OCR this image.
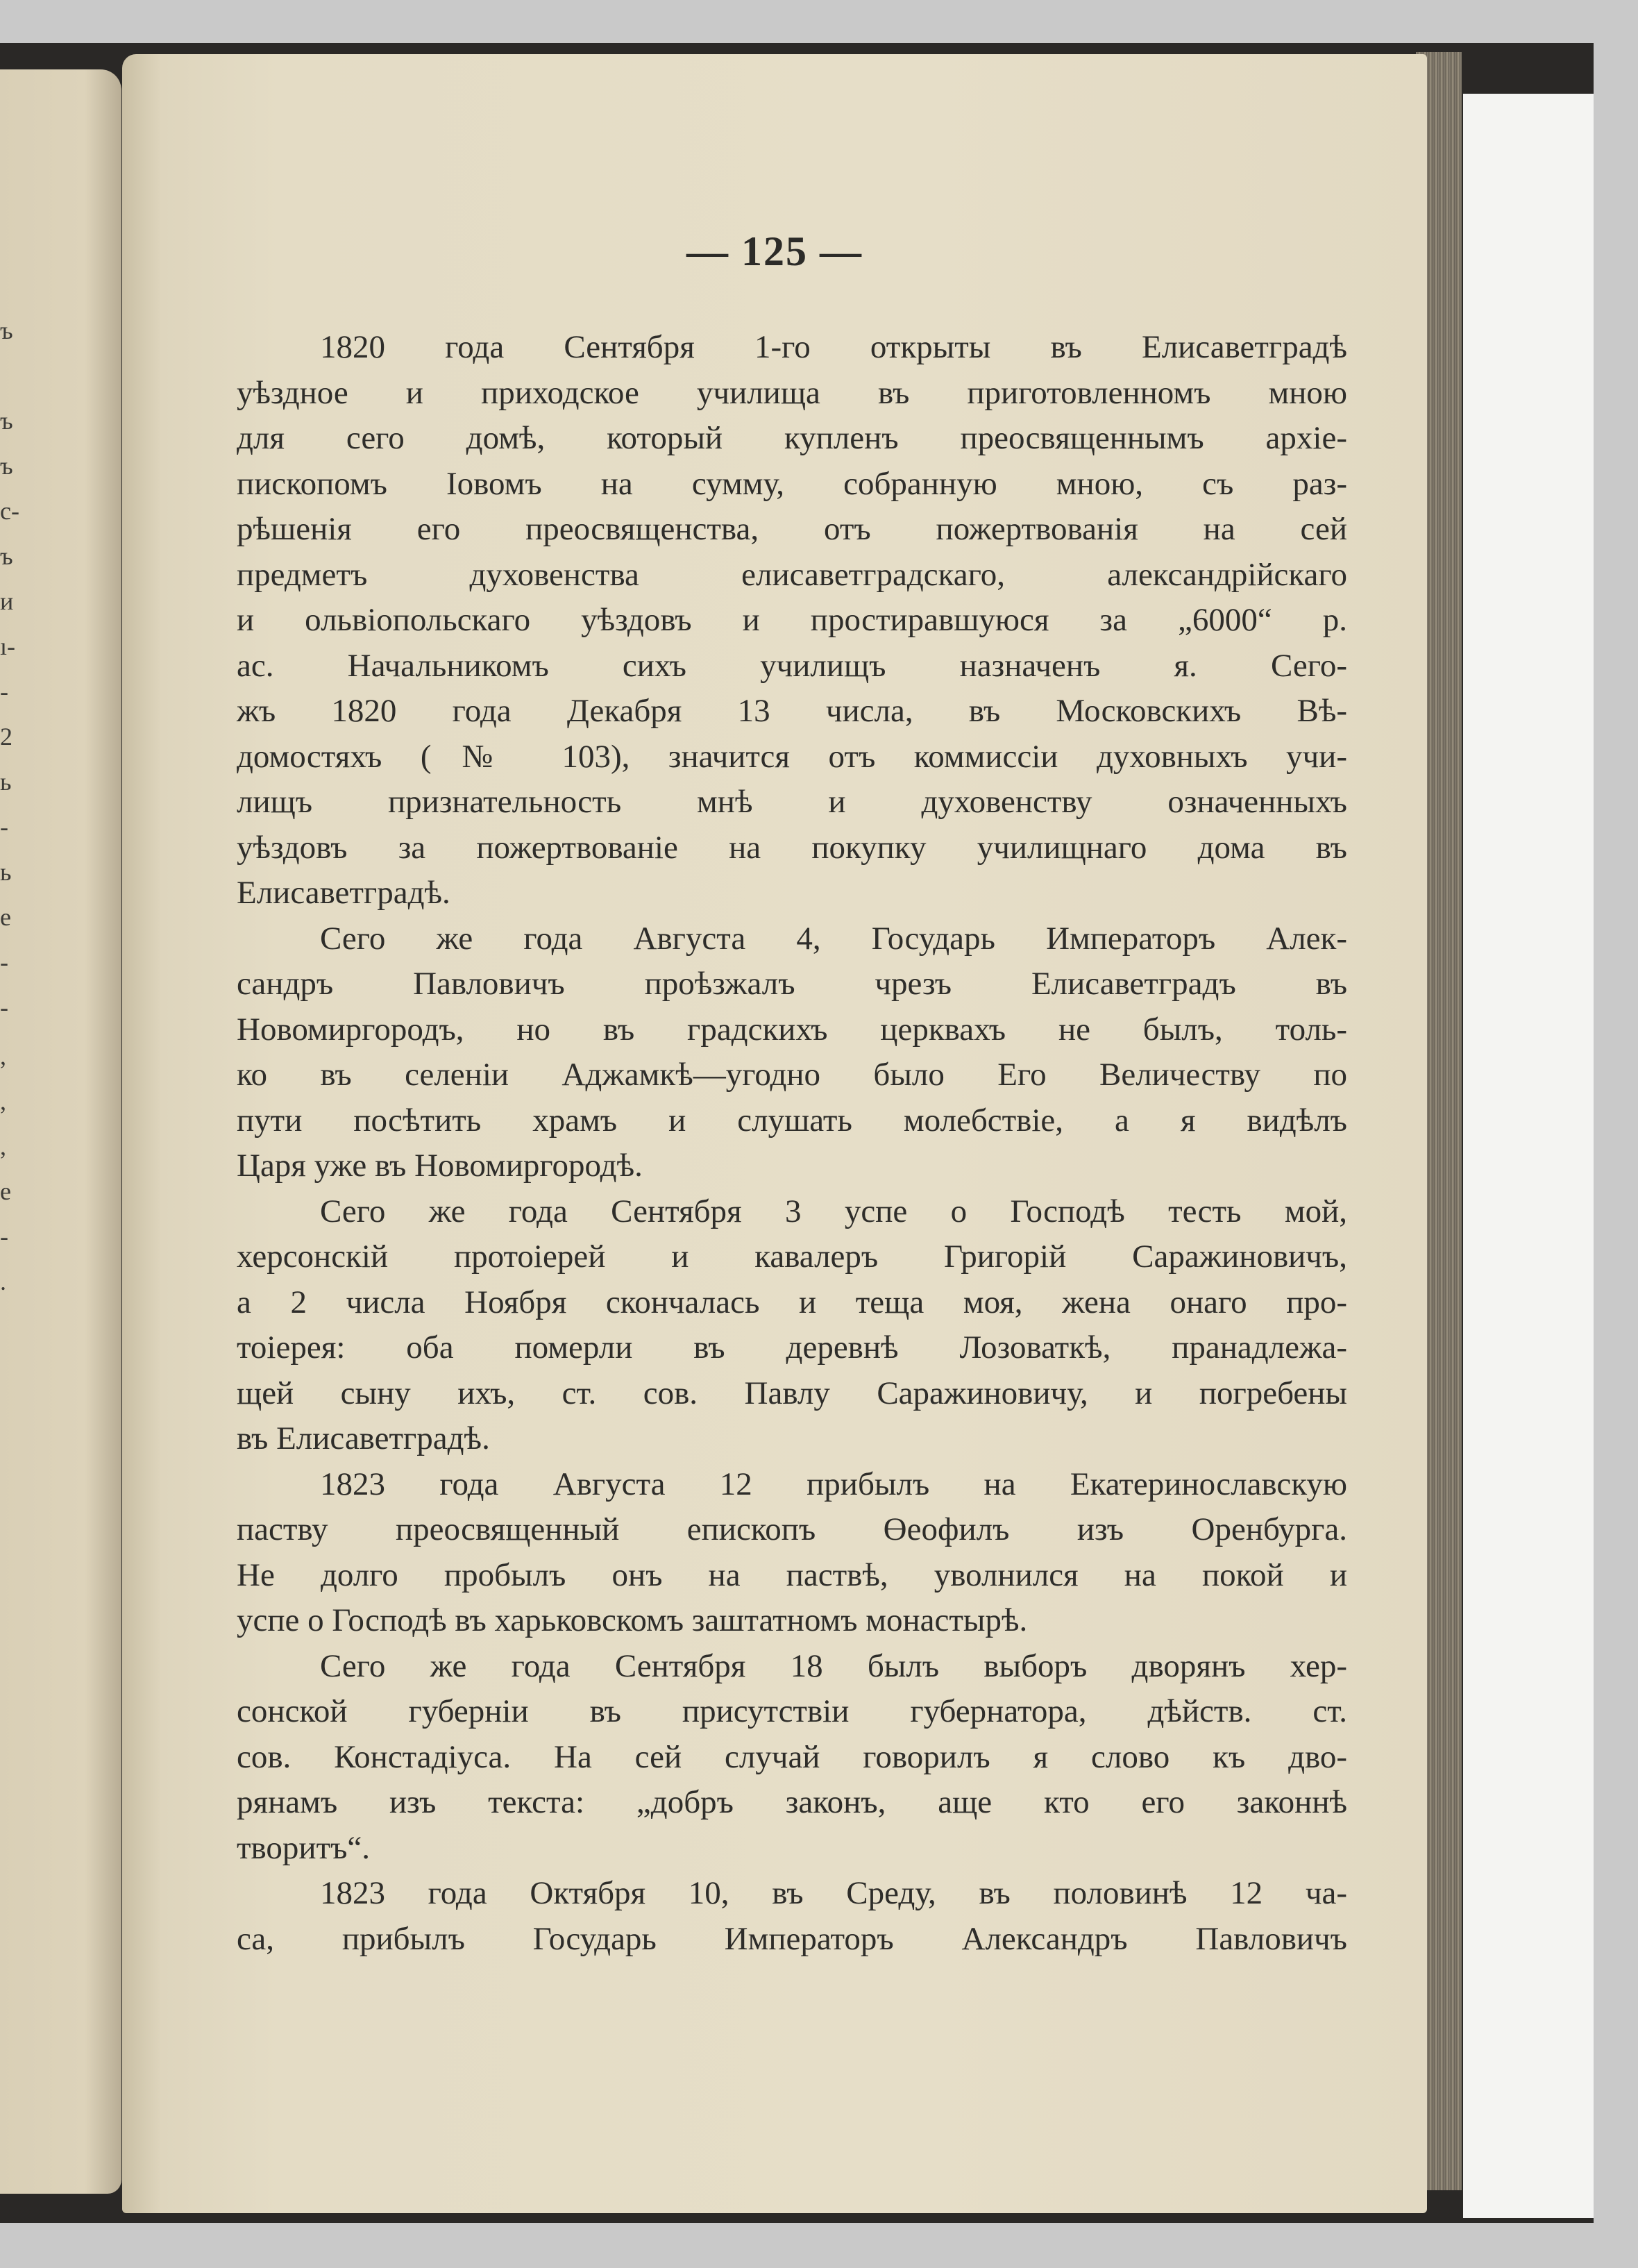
ъ
ъ
ъ
с-
ъ
и
ı-
-
2
ь
-
ь
е
-
-
,
,
,
е
-
.
— 125 —
1820 года Сентября 1-го открыты въ Елисаветградѣ
уѣздное и приходское училища въ приготовленномъ мною
для сего домѣ, который купленъ преосвященнымъ архіе-
пископомъ Іовомъ на сумму, собранную мною, съ раз-
рѣшенія его преосвященства, отъ пожертвованія на сей
предметъ духовенства елисаветградскаго, александрійскаго
и ольвіопольскаго уѣздовъ и простиравшуюся за „6000“ р.
ас. Начальникомъ сихъ училищъ назначенъ я. Сего-
жъ 1820 года Декабря 13 числа, въ Московскихъ Вѣ-
домостяхъ (№ 103), значится отъ коммиссіи духовныхъ учи-
лищъ признательность мнѣ и духовенству означенныхъ
уѣздовъ за пожертвованіе на покупку училищнаго дома въ
Елисаветградѣ.
Сего же года Августа 4, Государь Императоръ Алек-
сандръ Павловичъ проѣзжалъ чрезъ Елисаветградъ въ
Новомиргородъ, но въ градскихъ церквахъ не былъ, толь-
ко въ селеніи Аджамкѣ—угодно было Его Величеству по
пути посѣтить храмъ и слушать молебствіе, а я видѣлъ
Царя уже въ Новомиргородѣ.
Сего же года Сентября 3 успе о Господѣ тесть мой,
херсонскій протоіерей и кавалеръ Григорій Саражиновичъ,
а 2 числа Ноября скончалась и теща моя, жена онаго про-
тоіерея: оба померли въ деревнѣ Лозоваткѣ, пранадлежа-
щей сыну ихъ, ст. сов. Павлу Саражиновичу, и погребены
въ Елисаветградѣ.
1823 года Августа 12 прибылъ на Екатеринославскую
паству преосвященный епископъ Өеофилъ изъ Оренбурга.
Не долго пробылъ онъ на паствѣ, уволнился на покой и
успе о Господѣ въ харьковскомъ заштатномъ монастырѣ.
Сего же года Сентября 18 былъ выборъ дворянъ хер-
сонской губерніи въ присутствіи губернатора, дѣйств. ст.
сов. Констадіуса. На сей случай говорилъ я слово къ дво-
рянамъ изъ текста: „добръ законъ, аще кто его законнѣ
творитъ“.
1823 года Октября 10, въ Среду, въ половинѣ 12 ча-
са, прибылъ Государь Императоръ Александръ Павловичъ
